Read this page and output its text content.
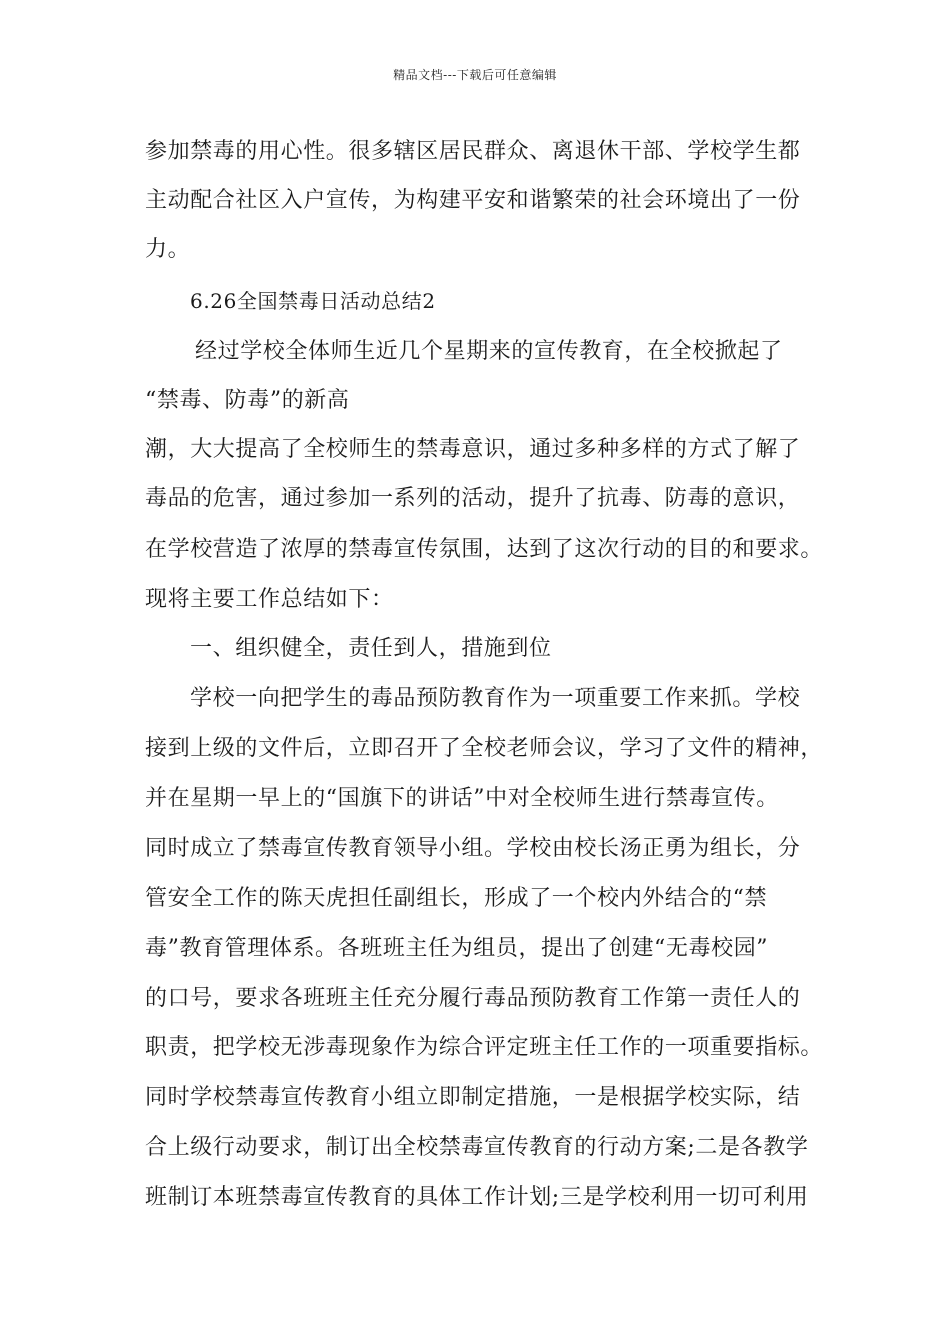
精品文档---下载后可任意编辑
参加禁毒的用心性。很多辖区居民群众、离退休干部、学校学生都
主动配合社区入户宣传，为构建平安和谐繁荣的社会环境出了一份
力。
6.26全国禁毒日活动总结2
经过学校全体师生近几个星期来的宣传教育，在全校掀起了
“禁毒、防毒”的新高
潮，大大提高了全校师生的禁毒意识，通过多种多样的方式了解了
毒品的危害，通过参加一系列的活动，提升了抗毒、防毒的意识，
在学校营造了浓厚的禁毒宣传氛围，达到了这次行动的目的和要求。
现将主要工作总结如下：
一、组织健全，责任到人，措施到位
学校一向把学生的毒品预防教育作为一项重要工作来抓。学校
接到上级的文件后，立即召开了全校老师会议，学习了文件的精神，
并在星期一早上的“国旗下的讲话”中对全校师生进行禁毒宣传。
同时成立了禁毒宣传教育领导小组。学校由校长汤正勇为组长，分
管安全工作的陈天虎担任副组长，形成了一个校内外结合的“禁
毒”教育管理体系。各班班主任为组员，提出了创建“无毒校园”
的口号，要求各班班主任充分履行毒品预防教育工作第一责任人的
职责，把学校无涉毒现象作为综合评定班主任工作的一项重要指标。
同时学校禁毒宣传教育小组立即制定措施，一是根据学校实际，结
合上级行动要求，制订出全校禁毒宣传教育的行动方案;二是各教学
班制订本班禁毒宣传教育的具体工作计划;三是学校利用一切可利用
